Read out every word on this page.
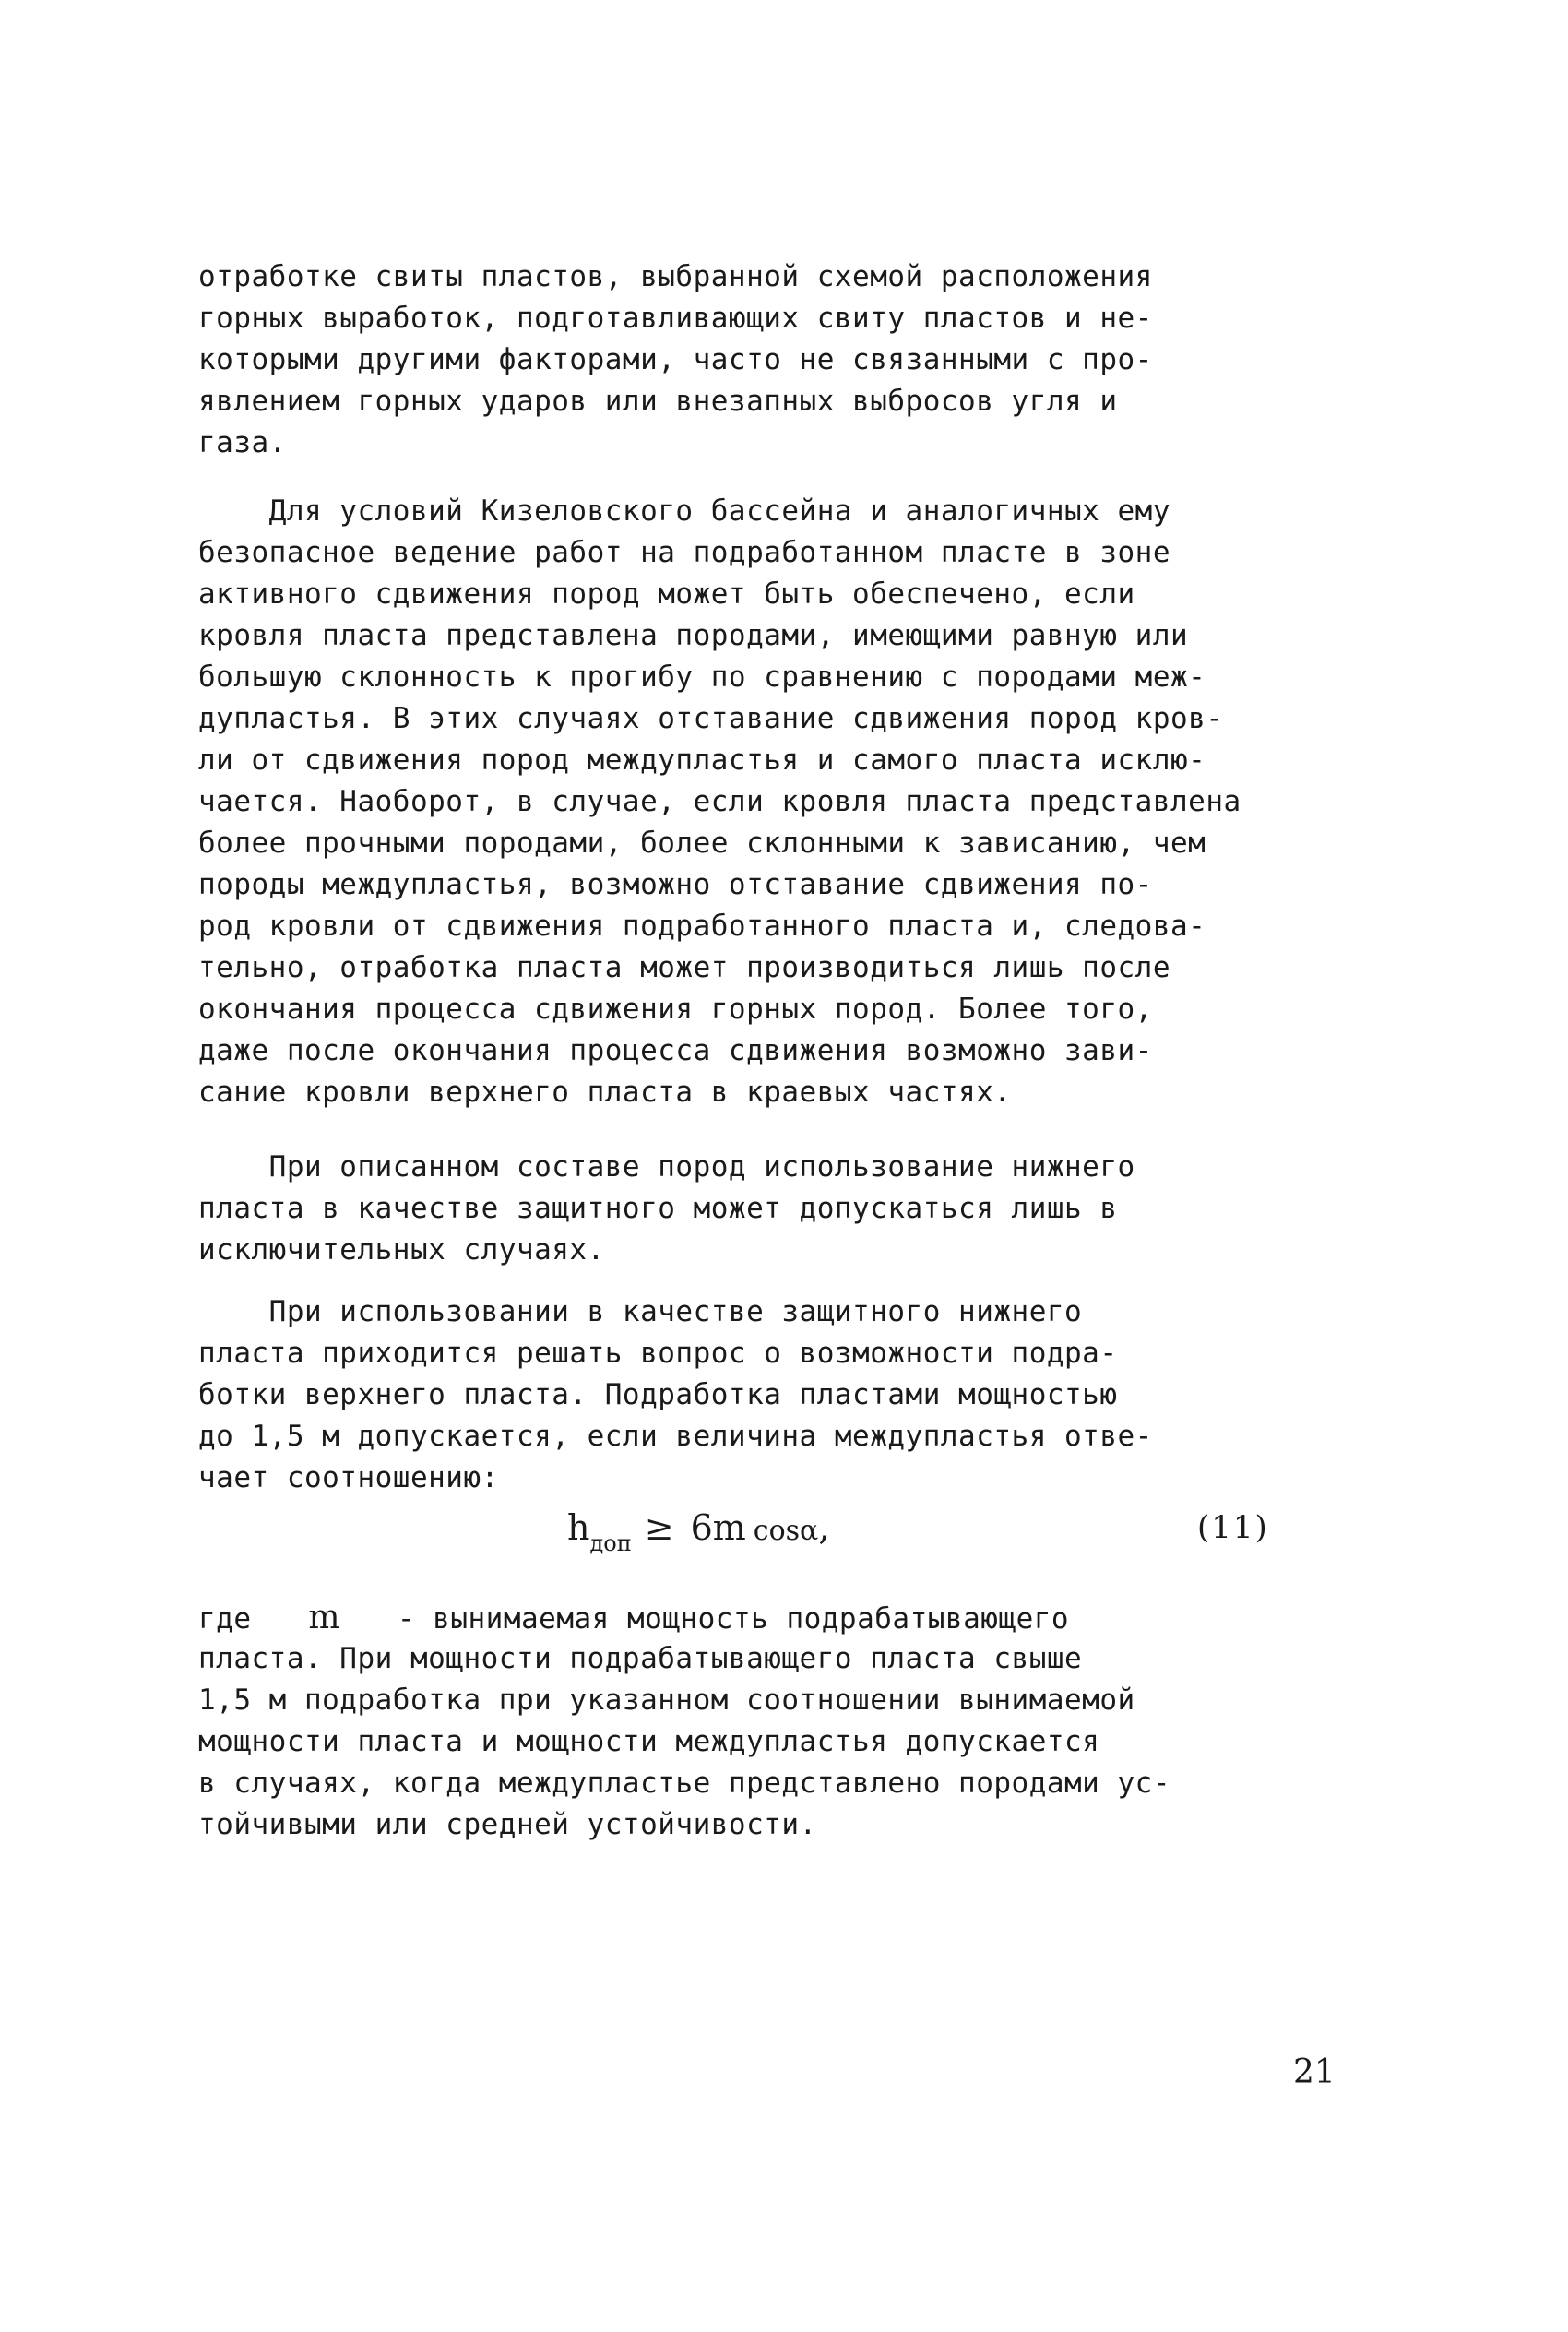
отработке свиты пластов, выбранной схемой расположения
горных выработок, подготавливающих свиту пластов и не-
которыми другими факторами, часто не связанными с про-
явлением горных ударов или внезапных выбросов угля и
газа.
Для условий Кизеловского бассейна и аналогичных ему
безопасное ведение работ на подработанном пласте в зоне
активного сдвижения пород может быть обеспечено, если
кровля пласта представлена породами, имеющими равную или
большую склонность к прогибу по сравнению с породами меж-
дупластья. В этих случаях отставание сдвижения пород кров-
ли от сдвижения пород междупластья и самого пласта исклю-
чается. Наоборот, в случае, если кровля пласта представлена
более прочными породами, более склонными к зависанию, чем
породы междупластья, возможно отставание сдвижения по-
род кровли от сдвижения подработанного пласта и, следова-
тельно, отработка пласта может производиться лишь после
окончания процесса сдвижения горных пород. Более того,
даже после окончания процесса сдвижения возможно зави-
сание кровли верхнего пласта в краевых частях.
При описанном составе пород использование нижнего
пласта в качестве защитного может допускаться лишь в
исключительных случаях.
При использовании в качестве защитного нижнего
пласта приходится решать вопрос о возможности подра-
ботки верхнего пласта. Подработка пластами мощностью
до 1,5 м допускается, если величина междупластья отве-
чает соотношению:
$h_{доп} \ge 6m$ cosα,	(11)
где m - вынимаемая мощность подрабатывающего
пласта. При мощности подрабатывающего пласта свыше
1,5 м подработка при указанном соотношении вынимаемой
мощности пласта и мощности междупластья допускается
в случаях, когда междупластье представлено породами ус-
тойчивыми или средней устойчивости.
21
